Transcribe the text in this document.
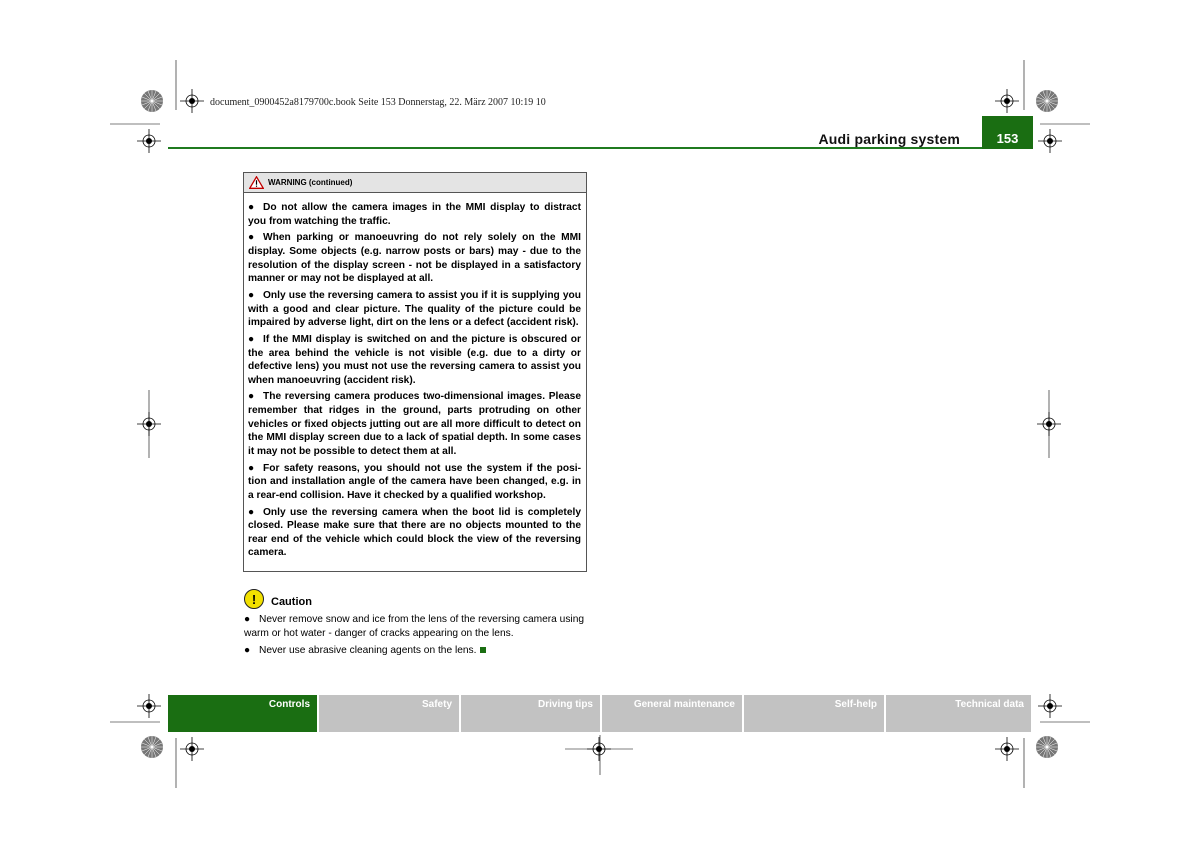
document_0900452a8179700c.book Seite 153 Donnerstag, 22. März 2007 10:19 10
Audi parking system	153
WARNING (continued)

● Do not allow the camera images in the MMI display to distract you from watching the traffic.

● When parking or manoeuvring do not rely solely on the MMI display. Some objects (e.g. narrow posts or bars) may - due to the resolution of the display screen - not be displayed in a satisfactory manner or may not be displayed at all.

● Only use the reversing camera to assist you if it is supplying you with a good and clear picture. The quality of the picture could be impaired by adverse light, dirt on the lens or a defect (accident risk).

● If the MMI display is switched on and the picture is obscured or the area behind the vehicle is not visible (e.g. due to a dirty or defective lens) you must not use the reversing camera to assist you when manoeuvring (accident risk).

● The reversing camera produces two-dimensional images. Please remember that ridges in the ground, parts protruding on other vehicles or fixed objects jutting out are all more difficult to detect on the MMI display screen due to a lack of spatial depth. In some cases it may not be possible to detect them at all.

● For safety reasons, you should not use the system if the posi-tion and installation angle of the camera have been changed, e.g. in a rear-end collision. Have it checked by a qualified workshop.

● Only use the reversing camera when the boot lid is completely closed. Please make sure that there are no objects mounted to the rear end of the vehicle which could block the view of the reversing camera.

!	Caution

● Never remove snow and ice from the lens of the reversing camera using warm or hot water - danger of cracks appearing on the lens.

● Never use abrasive cleaning agents on the lens.

Controls	Safety	Driving tips	General maintenance	Self-help	Technical data
